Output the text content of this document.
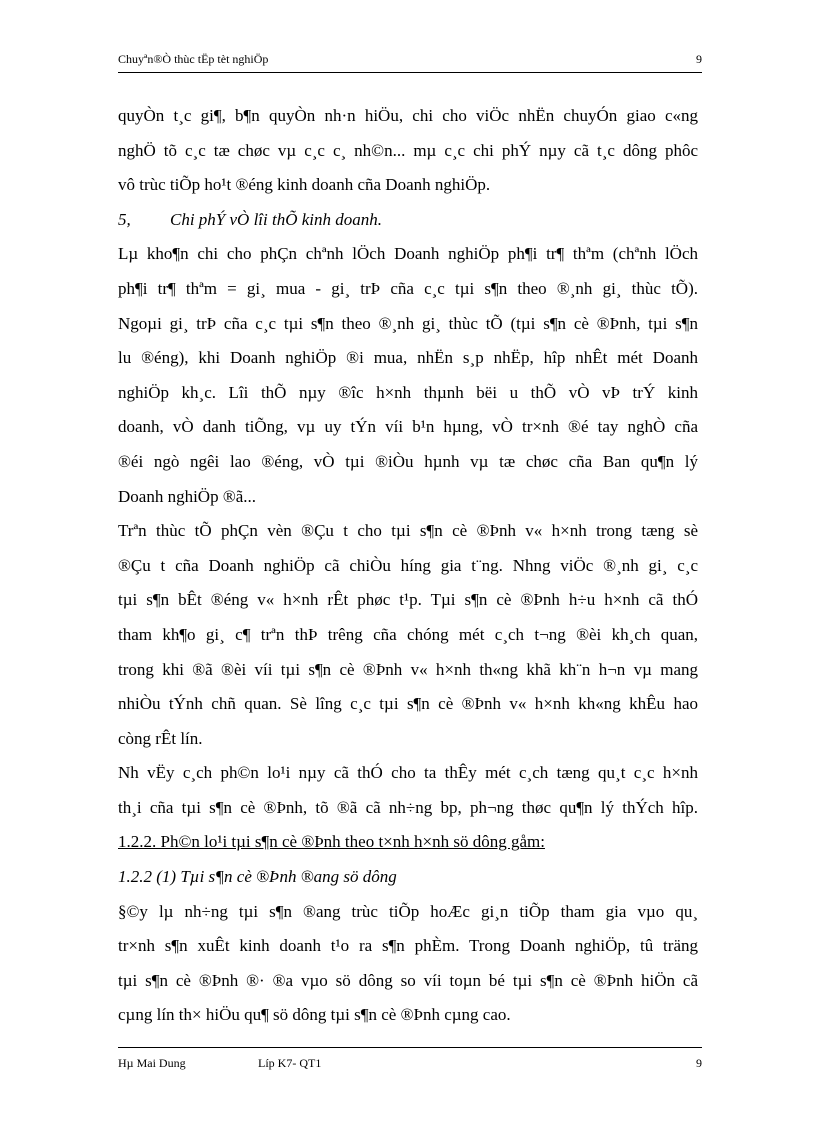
Chuyªn®Ò thùc tËp tèt nghiÖp	9
quyÒn t¸c gi¶, b¶n quyÒn nh·n hiÖu, chi cho viÖc nhËn chuyÓn giao c«ng
nghÖ tõ c¸c tæ chøc vµ c¸c c¸ nh©n... mµ c¸c chi phÝ nµy cã t¸c dông phôc
vô trùc tiÕp ho¹t ®éng kinh doanh cña Doanh nghiÖp.
5, Chi phÝ vÒ lîi thÕ kinh doanh.
Lµ kho¶n chi cho phÇn chªnh lÖch Doanh nghiÖp ph¶i tr¶ thªm (chªnh lÖch
ph¶i tr¶ thªm = gi¸ mua - gi¸ trÞ cña c¸c tµi s¶n theo ®¸nh gi¸ thùc tÕ).
Ngoµi gi¸ trÞ cña c¸c tµi s¶n theo ®¸nh gi¸ thùc tÕ (tµi s¶n cè ®Þnh, tµi s¶n
lu ®éng), khi Doanh nghiÖp ®i mua, nhËn s¸p nhËp, hîp nhÊt mét Doanh
nghiÖp kh¸c. Lîi thÕ nµy ®îc h×nh thµnh bëi u thÕ vÒ vÞ trÝ kinh
doanh, vÒ danh tiÕng, vµ uy tÝn víi b¹n hµng, vÒ tr×nh ®é tay nghÒ cña
®éi ngò ngêi lao ®éng, vÒ tµi ®iÒu hµnh vµ tæ chøc cña Ban qu¶n lý
Doanh nghiÖp ®ã...
Trªn thùc tÕ phÇn vèn ®Çu t cho tµi s¶n cè ®Þnh v« h×nh trong tæng sè
®Çu t cña Doanh nghiÖp cã chiÒu híng gia t¨ng. Nhng viÖc ®¸nh gi¸ c¸c
tµi s¶n bÊt ®éng v« h×nh rÊt phøc t¹p. Tµi s¶n cè ®Þnh h÷u h×nh cã thÓ
tham kh¶o gi¸ c¶ trªn thÞ trêng cña chóng mét c¸ch t¬ng ®èi kh¸ch quan,
trong khi ®ã ®èi víi tµi s¶n cè ®Þnh v« h×nh th«ng khã kh¨n h¬n vµ mang
nhiÒu tÝnh chñ quan. Sè lîng c¸c tµi s¶n cè ®Þnh v« h×nh kh«ng khÊu hao
còng rÊt lín.
Nh vËy c¸ch ph©n lo¹i nµy cã thÓ cho ta thÊy mét c¸ch tæng qu¸t c¸c h×nh
th¸i cña tµi s¶n cè ®Þnh, tõ ®ã cã nh÷ng bp, ph¬ng thøc qu¶n lý thÝch hîp.
1.2.2. Ph©n lo¹i tµi s¶n cè ®Þnh theo t×nh h×nh sö dông gåm:
1.2.2 (1) Tµi s¶n cè ®Þnh ®ang sö dông
§©y lµ nh÷ng tµi s¶n ®ang trùc tiÕp hoÆc gi¸n tiÕp tham gia vµo qu¸
tr×nh s¶n xuÊt kinh doanh t¹o ra s¶n phÈm. Trong Doanh nghiÖp, tû träng
tµi s¶n cè ®Þnh ®· ®a vµo sö dông so víi toµn bé tµi s¶n cè ®Þnh hiÖn cã
cµng lín th× hiÖu qu¶ sö dông tµi s¶n cè ®Þnh cµng cao.
Hµ Mai Dung	Líp K7- QT1	9
